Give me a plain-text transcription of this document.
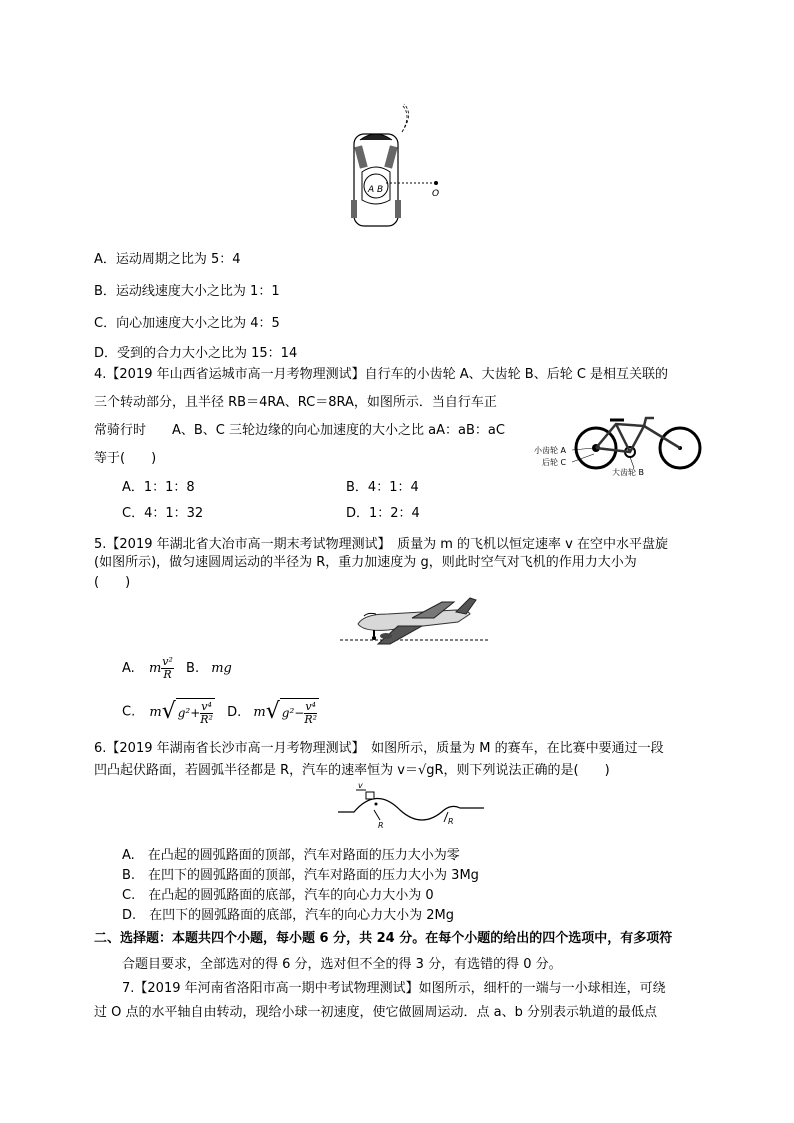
A B	O
A．运动周期之比为 5：4
B．运动线速度大小之比为 1：1
C．向心加速度大小之比为 4：5
D．受到的合力大小之比为 15：14
4.【2019 年山西省运城市高一月考物理测试】自行车的小齿轮 A、大齿轮 B、后轮 C 是相互关联的
三个转动部分，且半径 RB＝4RA、RC＝8RA，如图所示．当自行车正
常骑行时　　A、B、C 三轮边缘的向心加速度的大小之比 aA：aB：aC
等于(　　)
小齿轮 A
后轮 C
大齿轮 B
A．1：1：8	B．4：1：4
C．4：1：32	D．1：2：4
5.【2019 年湖北省大冶市高一期末考试物理测试】　质量为 m 的飞机以恒定速率 v 在空中水平盘旋
(如图所示)，做匀速圆周运动的半径为 R，重力加速度为 g，则此时空气对飞机的作用力大小为
(　　)
A. m $\frac{\text{v²}}{R} B$. mg
C. m√ $g^2+ \frac{\text{v⁴}}{\text{R²}} D$. m√ $g^2- \frac{\text{v⁴}}{\text{R²}}$
6.【2019 年湖南省长沙市高一月考物理测试】　如图所示，质量为 M 的赛车，在比赛中要通过一段
凹凸起伏路面，若圆弧半径都是 R，汽车的速率恒为 v＝√gR，则下列说法正确的是(　　)
v
R	R
A.　在凸起的圆弧路面的顶部，汽车对路面的压力大小为零
B.　在凹下的圆弧路面的顶部，汽车对路面的压力大小为 3Mg
C.　在凸起的圆弧路面的底部，汽车的向心力大小为 0
D.　在凹下的圆弧路面的底部，汽车的向心力大小为 2Mg
二、选择题：本题共四个小题，每小题 6 分，共 24 分。在每个小题的给出的四个选项中，有多项符
合题目要求，全部选对的得 6 分，选对但不全的得 3 分，有选错的得 0 分。
7.【2019 年河南省洛阳市高一期中考试物理测试】如图所示，细杆的一端与一小球相连，可绕
过 O 点的水平轴自由转动，现给小球一初速度，使它做圆周运动．点 a、b 分别表示轨道的最低点
